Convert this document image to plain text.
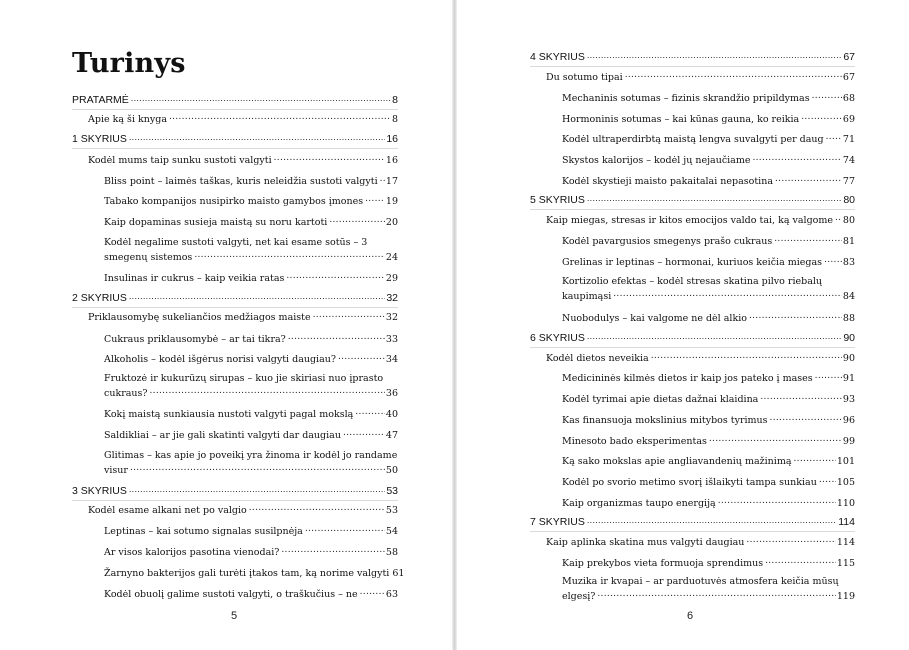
Turinys
PRATARMĖ .....	8
Apie ką ši knyga .....	8
1 SKYRIUS .....	16
Kodėl mums taip sunku sustoti valgyti .....	16
Bliss point – laimės taškas, kuris neleidžia sustoti valgyti ..... 17
Tabako kompanijos nusipirko maisto gamybos įmones ..... 19
Kaip dopaminas susieja maistą su noru kartoti .....	20
Kodėl negalime sustoti valgyti, net kai esame sotūs – 3
smegenų sistemos .....	24
Insulinas ir cukrus – kaip veikia ratas .....	29
2 SKYRIUS .....	32
Priklausomybę sukeliančios medžiagos maiste .....	32
Cukraus priklausomybė – ar tai tikra? .....	33
Alkoholis – kodėl išgėrus norisi valgyti daugiau? .....	34
Fruktozė ir kukurūzų sirupas – kuo jie skiriasi nuo įprasto
cukraus? .....	36
Kokį maistą sunkiausia nustoti valgyti pagal mokslą .....	40
Saldikliai – ar jie gali skatinti valgyti dar daugiau .....	47
Glitimas – kas apie jo poveikį yra žinoma ir kodėl jo randame
visur .....	50
3 SKYRIUS .....	53
Kodėl esame alkani net po valgio .....	53
Leptinas – kai sotumo signalas susilpnėja .....	54
Ar visos kalorijos pasotina vienodai? .....	58
Žarnyno bakterijos gali turėti įtakos tam, ką norime valgyti 61
Kodėl obuolį galime sustoti valgyti, o traškučius – ne .....	63
5
4 SKYRIUS .....	67
Du sotumo tipai .....	67
Mechaninis sotumas – fizinis skrandžio pripildymas .....	68
Hormoninis sotumas – kai kūnas gauna, ko reikia .....	69
Kodėl ultraperdirbtą maistą lengva suvalgyti per daug ..... 71
Skystos kalorijos – kodėl jų nejaučiame .....	74
Kodėl skystieji maisto pakaitalai nepasotina .....	77
5 SKYRIUS .....	80
Kaip miegas, stresas ir kitos emocijos valdo tai, ką valgome ..... 80
Kodėl pavargusios smegenys prašo cukraus .....	81
Grelinas ir leptinas – hormonai, kuriuos keičia miegas ..... 83
Kortizolio efektas – kodėl stresas skatina pilvo riebalų
kaupimąsi .....	84
Nuobodulys – kai valgome ne dėl alkio .....	88
6 SKYRIUS .....	90
Kodėl dietos neveikia .....	90
Medicininės kilmės dietos ir kaip jos pateko į mases .....	91
Kodėl tyrimai apie dietas dažnai klaidina .....	93
Kas finansuoja mokslinius mitybos tyrimus .....	96
Minesoto bado eksperimentas .....	99
Ką sako mokslas apie angliavandenių mažinimą .....	101
Kodėl po svorio metimo svorį išlaikyti tampa sunkiau ..... 105
Kaip organizmas taupo energiją .....	110
7 SKYRIUS .....	114
Kaip aplinka skatina mus valgyti daugiau .....	114
Kaip prekybos vieta formuoja sprendimus .....	115
Muzika ir kvapai – ar parduotuvės atmosfera keičia mūsų
elgesį? .....	119
6
